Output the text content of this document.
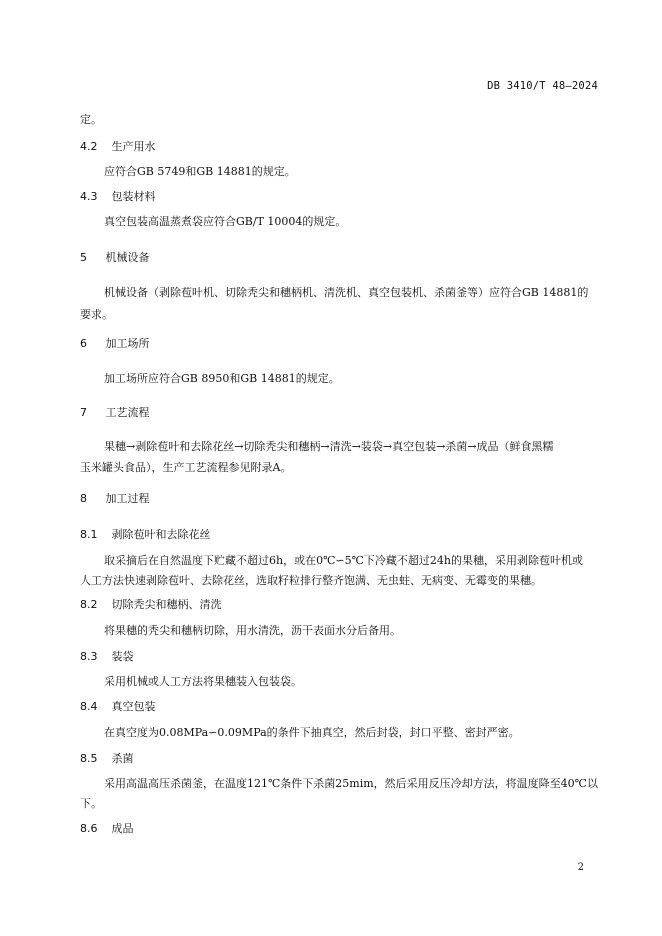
DB 3410/T 48—2024
定。
4.2 生产用水
应符合GB 5749和GB 14881的规定。
4.3 包装材料
真空包装高温蒸煮袋应符合GB/T 10004的规定。
5 机械设备
机械设备（剥除苞叶机、切除秃尖和穗柄机、清洗机、真空包装机、杀菌釜等）应符合GB 14881的
要求。
6 加工场所
加工场所应符合GB 8950和GB 14881的规定。
7 工艺流程
果穗→剥除苞叶和去除花丝→切除秃尖和穗柄→清洗→装袋→真空包装→杀菌→成品（鲜食黑糯
玉米罐头食品），生产工艺流程参见附录A。
8 加工过程
8.1 剥除苞叶和去除花丝
取采摘后在自然温度下贮藏不超过6h，或在0℃∽5℃下冷藏不超过24h的果穗，采用剥除苞叶机或
人工方法快速剥除苞叶、去除花丝，选取籽粒排行整齐饱满、无虫蛀、无病变、无霉变的果穗。
8.2 切除秃尖和穗柄、清洗
将果穗的秃尖和穗柄切除，用水清洗，沥干表面水分后备用。
8.3 装袋
采用机械或人工方法将果穗装入包装袋。
8.4 真空包装
在真空度为0.08MPa∽0.09MPa的条件下抽真空，然后封袋，封口平整、密封严密。
8.5 杀菌
采用高温高压杀菌釜，在温度121℃条件下杀菌25mim，然后采用反压冷却方法，将温度降至40℃以
下。
8.6 成品
2
